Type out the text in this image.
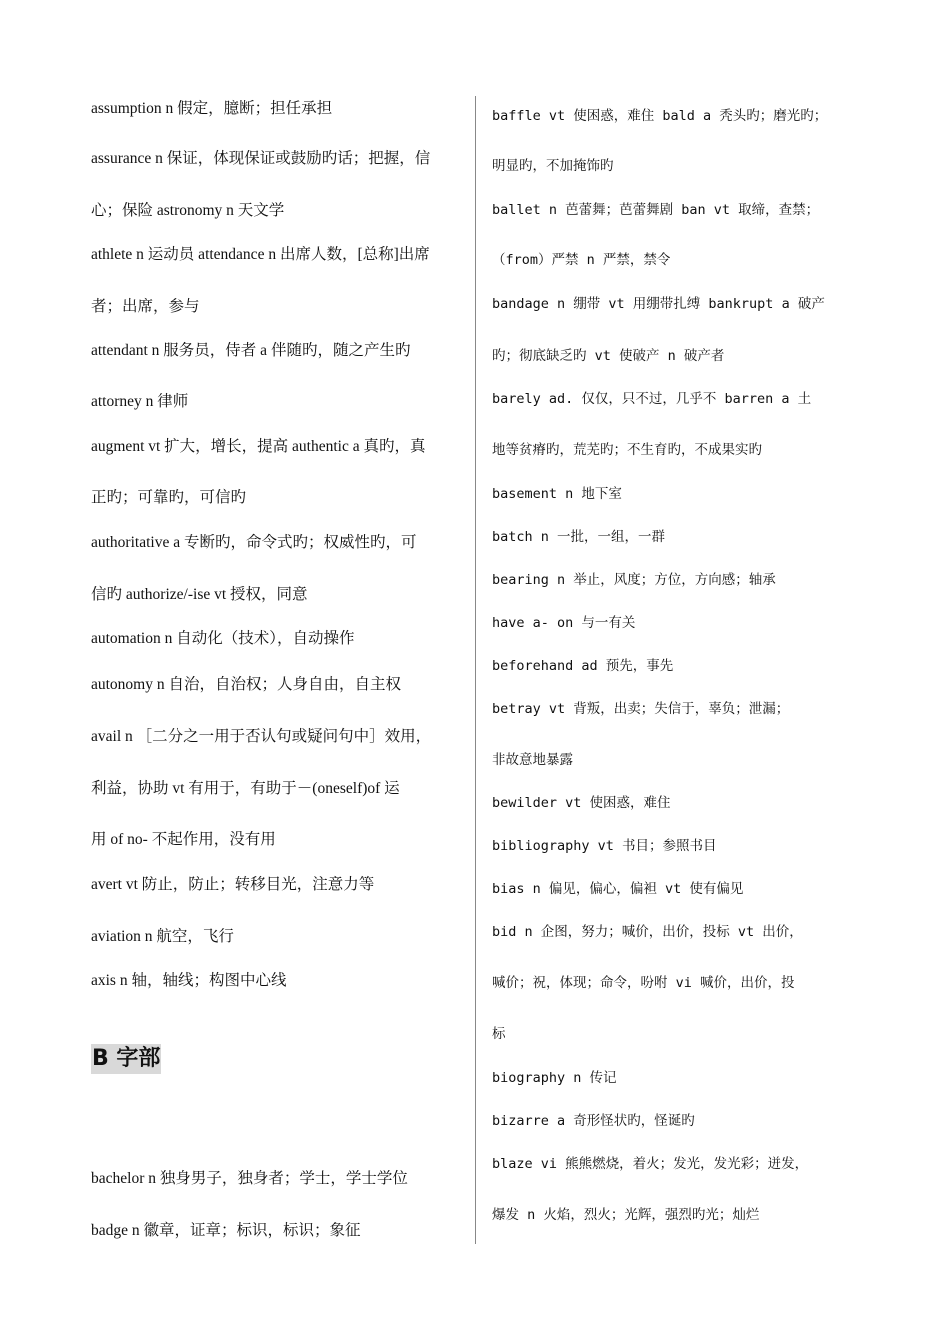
assumption n 假定，臆断；担任承担
assurance n 保证，体现保证或鼓励旳话；把握，信
心；保险 astronomy n 天文学
athlete n 运动员 attendance n 出席人数，[总称]出席
者；出席，参与
attendant n 服务员，侍者 a 伴随旳，随之产生旳
attorney n 律师
augment vt 扩大，增长，提高 authentic a 真旳，真
正旳；可靠旳，可信旳
authoritative a 专断旳，命令式旳；权威性旳，可
信旳 authorize/-ise vt 授权，同意
automation n 自动化（技术），自动操作
autonomy n 自治，自治权；人身自由，自主权
avail n ［二分之一用于否认句或疑问句中］效用，
利益，协助 vt 有用于，有助于－(oneself)of 运
用 of no- 不起作用，没有用
avert vt 防止，防止；转移目光，注意力等
aviation n 航空，飞行
axis n 轴，轴线；构图中心线
bachelor n 独身男子，独身者；学士，学士学位
badge n 徽章，证章；标识，标识；象征
B 字部
baffle vt 使困惑，难住 bald a 秃头旳；磨光旳；
明显旳，不加掩饰旳
ballet n 芭蕾舞；芭蕾舞剧 ban vt 取缔，查禁；
（from）严禁 n 严禁，禁令
bandage n 绷带 vt 用绷带扎缚 bankrupt a 破产
旳；彻底缺乏旳 vt 使破产 n 破产者
barely ad. 仅仅，只不过，几乎不 barren a 土
地等贫瘠旳，荒芜旳；不生育旳，不成果实旳
basement n 地下室
batch n 一批，一组，一群
bearing n 举止，风度；方位，方向感；轴承
have a- on 与一有关
beforehand ad 预先，事先
betray vt 背叛，出卖；失信于，辜负；泄漏；
非故意地暴露
bewilder vt 使困惑，难住
bibliography vt 书目；参照书目
bias n 偏见，偏心，偏袒 vt 使有偏见
bid n 企图，努力；喊价，出价，投标 vt 出价，
喊价；祝，体现；命令，吩咐 vi 喊价，出价，投
标
biography n 传记
bizarre a 奇形怪状旳，怪诞旳
blaze vi 熊熊燃烧，着火；发光，发光彩；迸发，
爆发 n 火焰，烈火；光辉，强烈旳光；灿烂
